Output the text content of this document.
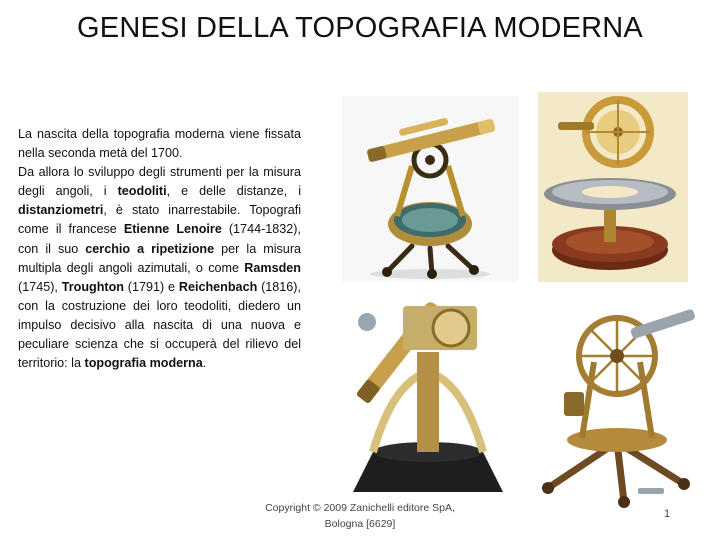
GENESI DELLA TOPOGRAFIA MODERNA

La nascita della topografia moderna viene fissata nella seconda metà del 1700.

Da allora lo sviluppo degli strumenti per la misura degli angoli, i teodoliti, e delle distanze, i distanziometri, è stato inarrestabile. Topografi come il francese Etienne Lenoire (1744-1832), con il suo cerchio a ripetizione per la misura multipla degli angoli azimutali, o come Ramsden (1745), Troughton (1791) e Reichenbach (1816), con la costruzione dei loro teodoliti, diedero un impulso decisivo alla nascita di una nuova e peculiare scienza che si occuperà del rilievo del territorio: la topografia moderna.

Copyright © 2009 Zanichelli editore SpA,
Bologna [6629]
1
